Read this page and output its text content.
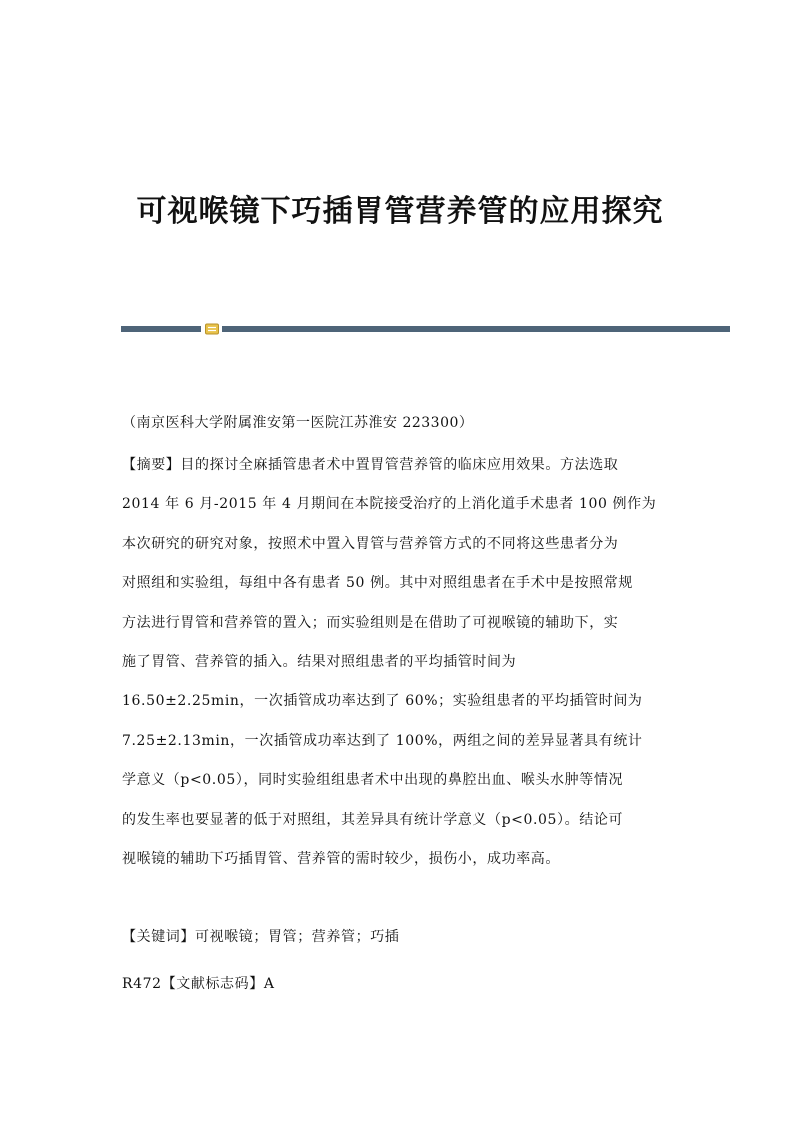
可视喉镜下巧插胃管营养管的应用探究

（南京医科大学附属淮安第一医院江苏淮安 223300）

【摘要】目的探讨全麻插管患者术中置胃管营养管的临床应用效果。方法选取
2014 年 6 月-2015 年 4 月期间在本院接受治疗的上消化道手术患者 100 例作为
本次研究的研究对象，按照术中置入胃管与营养管方式的不同将这些患者分为
对照组和实验组，每组中各有患者 50 例。其中对照组患者在手术中是按照常规
方法进行胃管和营养管的置入；而实验组则是在借助了可视喉镜的辅助下，实
施了胃管、营养管的插入。结果对照组患者的平均插管时间为
16.50±2.25min，一次插管成功率达到了 60%；实验组患者的平均插管时间为
7.25±2.13min，一次插管成功率达到了 100%，两组之间的差异显著具有统计
学意义（p<0.05），同时实验组组患者术中出现的鼻腔出血、喉头水肿等情况
的发生率也要显著的低于对照组，其差异具有统计学意义（p<0.05）。结论可
视喉镜的辅助下巧插胃管、营养管的需时较少，损伤小，成功率高。

【关键词】可视喉镜；胃管；营养管；巧插

R472【文献标志码】A
